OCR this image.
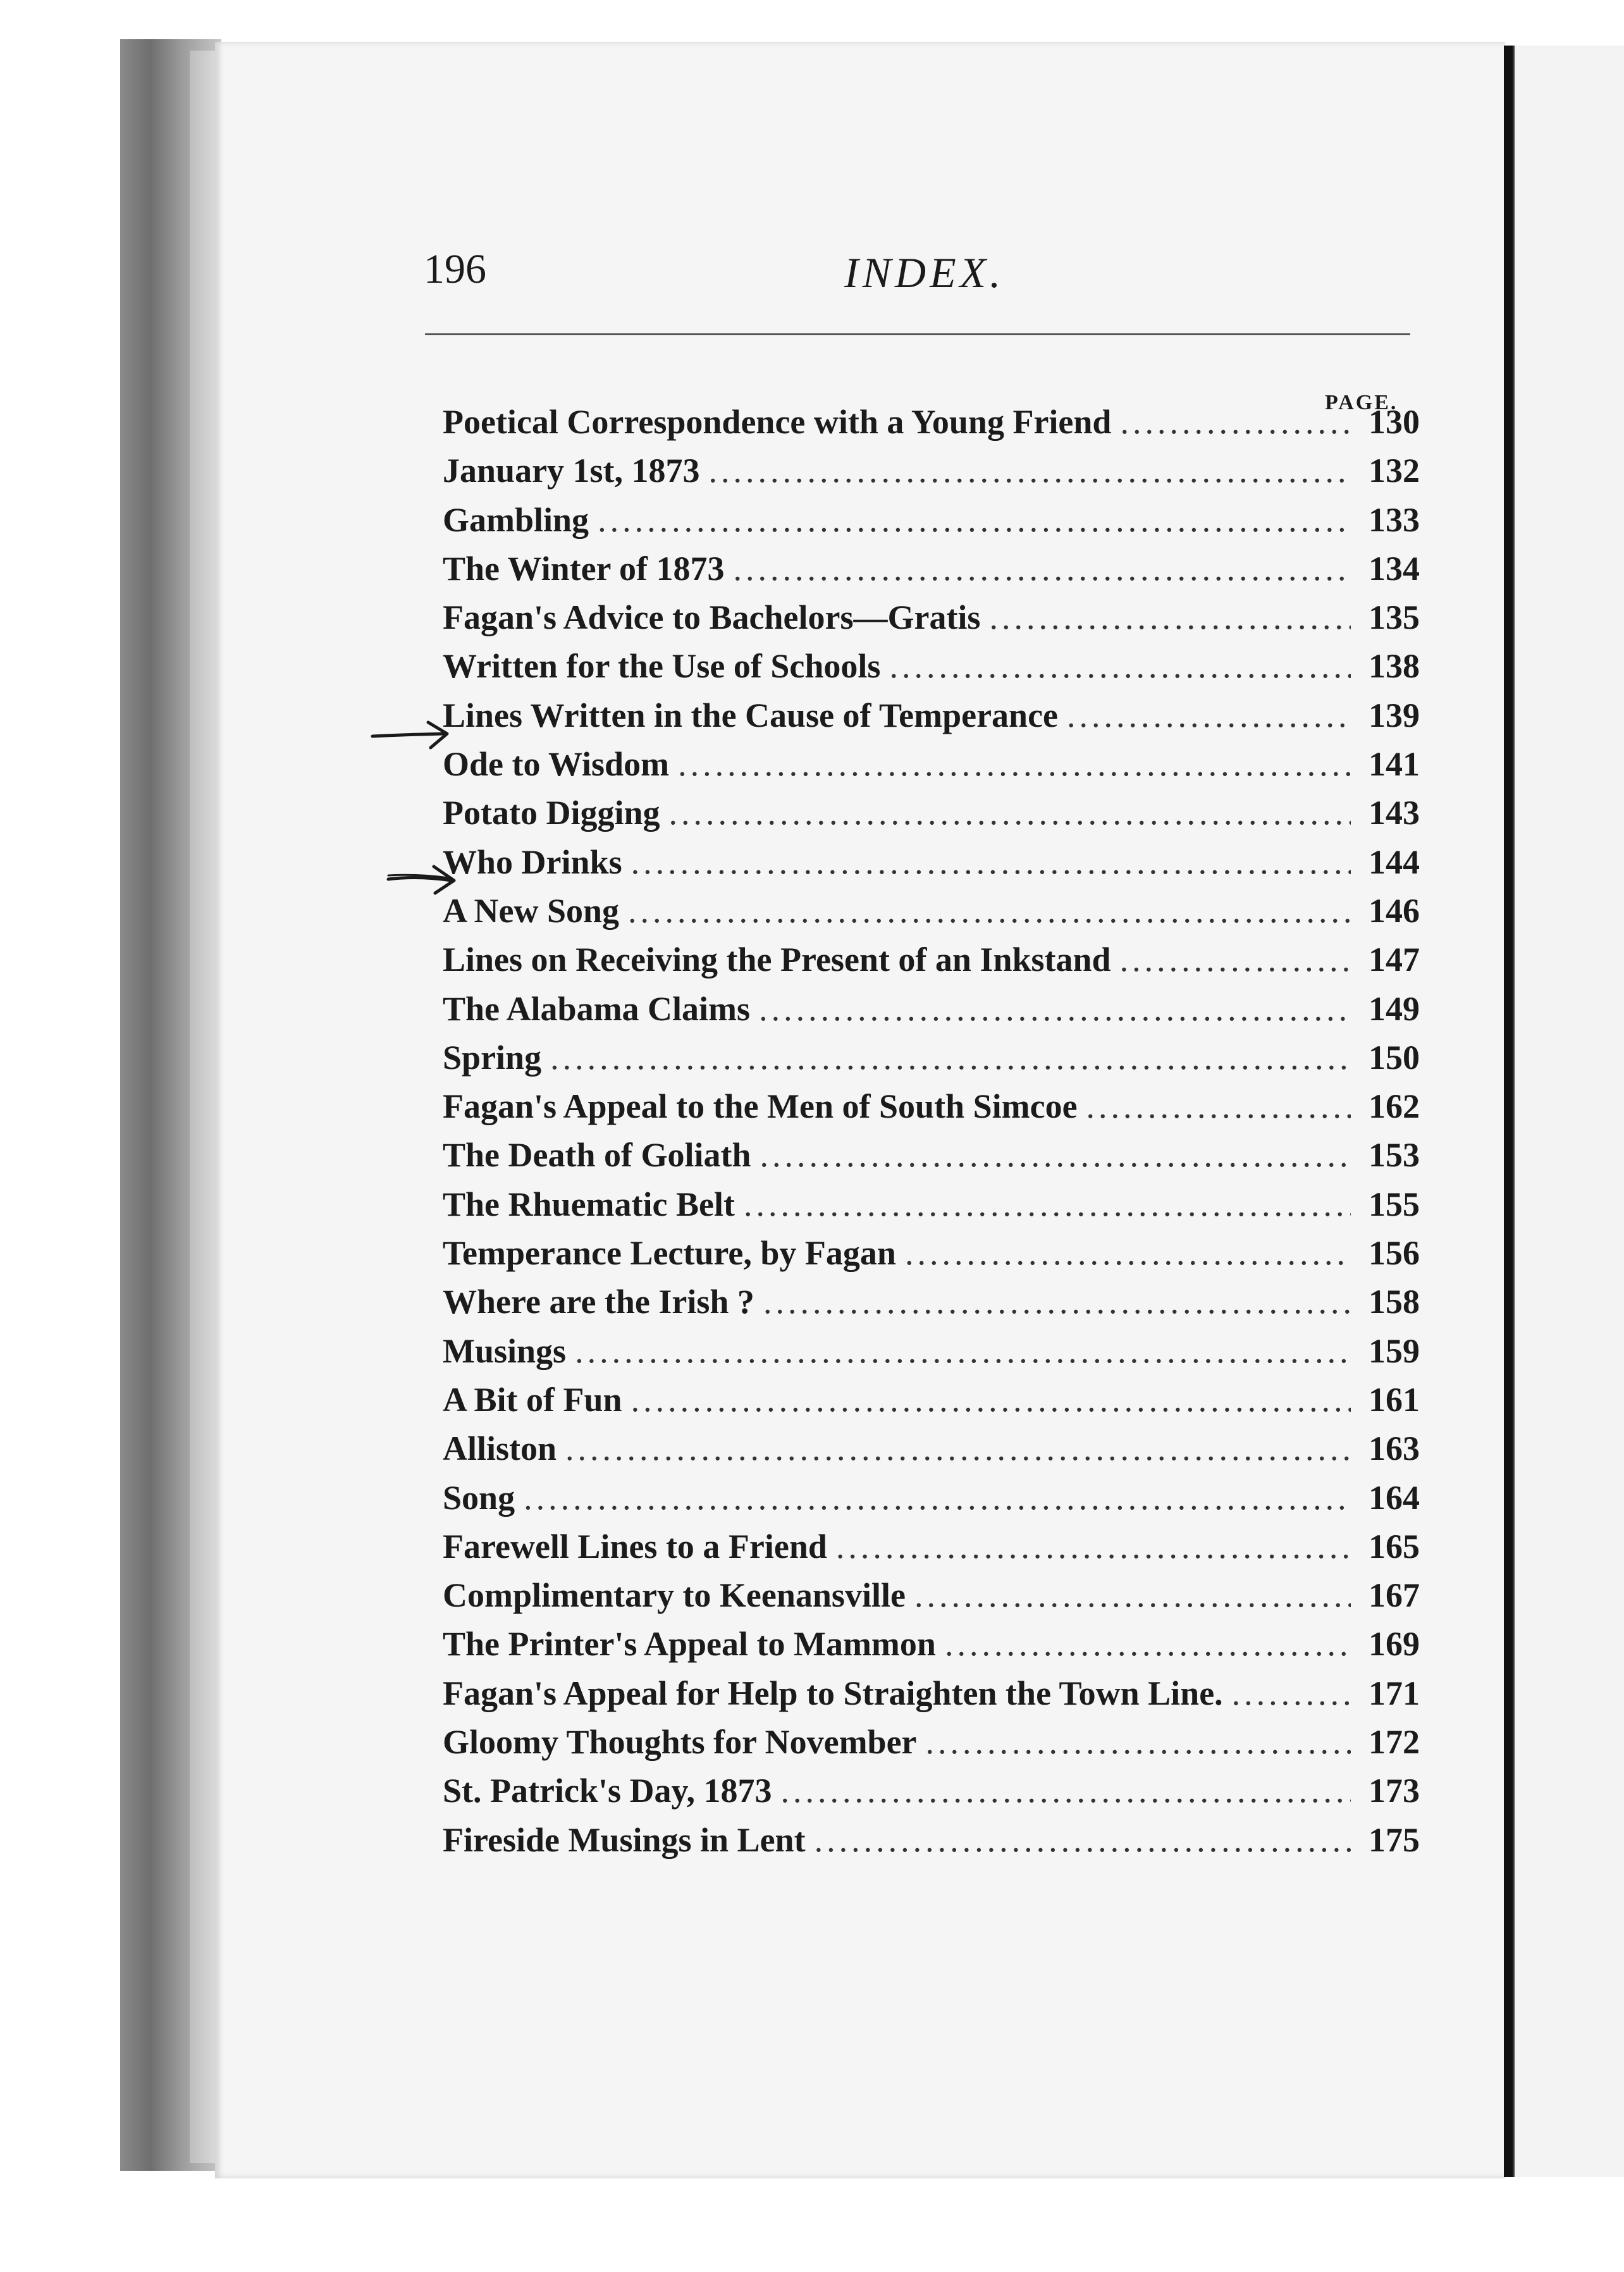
196	INDEX.
PAGE.
Poetical Correspondence with a Young Friend .....	130
January 1st, 1873 .....	132
Gambling .....	133
The Winter of 1873 .....	134
Fagan's Advice to Bachelors—Gratis .....	135
Written for the Use of Schools .....	138
Lines Written in the Cause of Temperance .....	139
Ode to Wisdom .....	141
Potato Digging .....	143
Who Drinks .....	144
A New Song .....	146
Lines on Receiving the Present of an Inkstand .....	147
The Alabama Claims .....	149
Spring .....	150
Fagan's Appeal to the Men of South Simcoe .....	162
The Death of Goliath .....	153
The Rhuematic Belt .....	155
Temperance Lecture, by Fagan .....	156
Where are the Irish ? .....	158
Musings .....	159
A Bit of Fun .....	161
Alliston .....	163
Song .....	164
Farewell Lines to a Friend .....	165
Complimentary to Keenansville .....	167
The Printer's Appeal to Mammon .....	169
Fagan's Appeal for Help to Straighten the Town Line. .....	171
Gloomy Thoughts for November .....	172
St. Patrick's Day, 1873 .....	173
Fireside Musings in Lent .....	175
